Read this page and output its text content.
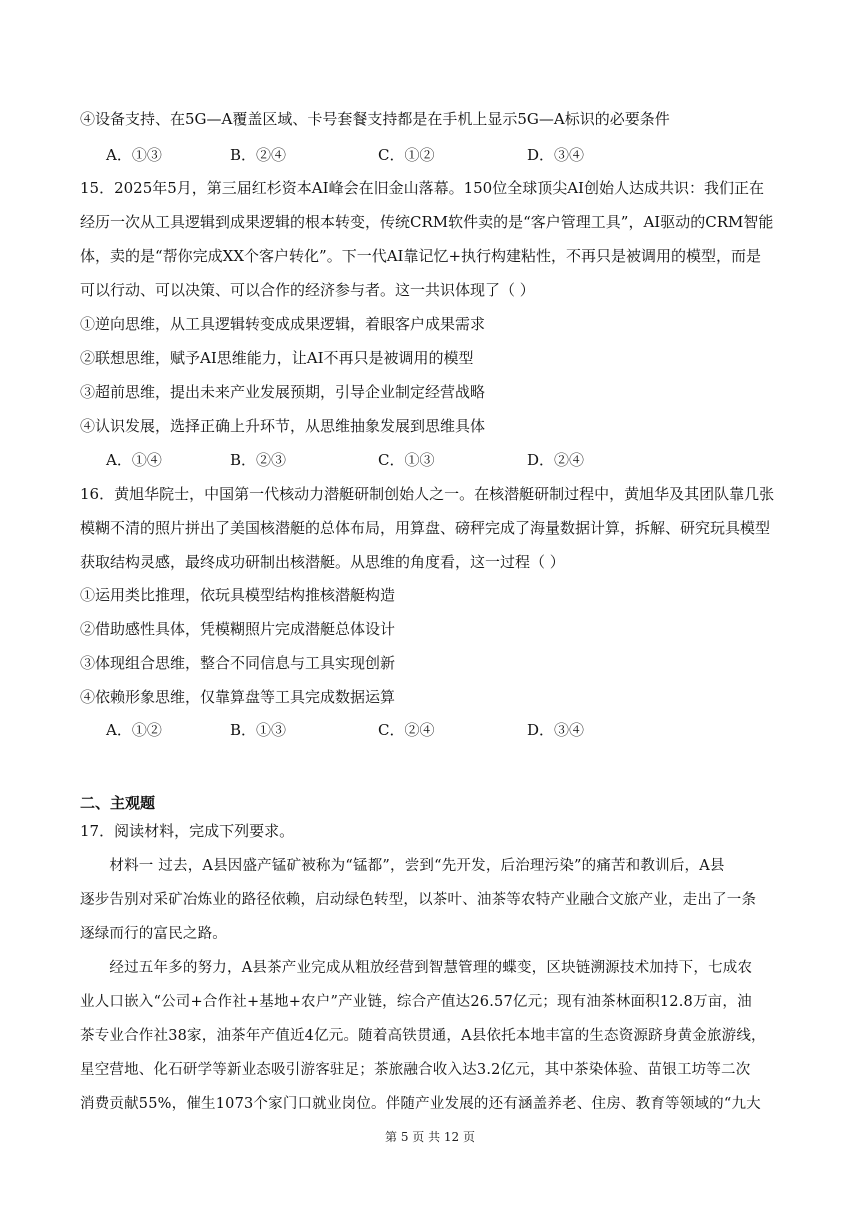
④设备支持、在5G—A覆盖区域、卡号套餐支持都是在手机上显示5G—A标识的必要条件
A．①③	B．②④	C．①②	D．③④
15．2025年5月，第三届红杉资本AI峰会在旧金山落幕。150位全球顶尖AI创始人达成共识：我们正在
经历一次从工具逻辑到成果逻辑的根本转变，传统CRM软件卖的是“客户管理工具”，AI驱动的CRM智能
体，卖的是“帮你完成XX个客户转化”。下一代AI靠记忆+执行构建粘性，不再只是被调用的模型，而是
可以行动、可以决策、可以合作的经济参与者。这一共识体现了（ ）
①逆向思维，从工具逻辑转变成成果逻辑，着眼客户成果需求
②联想思维，赋予AI思维能力，让AI不再只是被调用的模型
③超前思维，提出未来产业发展预期，引导企业制定经营战略
④认识发展，选择正确上升环节，从思维抽象发展到思维具体
A．①④	B．②③	C．①③	D．②④
16．黄旭华院士，中国第一代核动力潜艇研制创始人之一。在核潜艇研制过程中，黄旭华及其团队靠几张
模糊不清的照片拼出了美国核潜艇的总体布局，用算盘、磅秤完成了海量数据计算，拆解、研究玩具模型
获取结构灵感，最终成功研制出核潜艇。从思维的角度看，这一过程（ ）
①运用类比推理，依玩具模型结构推核潜艇构造
②借助感性具体，凭模糊照片完成潜艇总体设计
③体现组合思维，整合不同信息与工具实现创新
④依赖形象思维，仅靠算盘等工具完成数据运算
A．①②	B．①③	C．②④	D．③④
二、主观题
17．阅读材料，完成下列要求。
　　材料一 过去，A县因盛产锰矿被称为“锰都”，尝到“先开发，后治理污染”的痛苦和教训后，A县
逐步告别对采矿冶炼业的路径依赖，启动绿色转型，以茶叶、油茶等农特产业融合文旅产业，走出了一条
逐绿而行的富民之路。
　　经过五年多的努力，A县茶产业完成从粗放经营到智慧管理的蝶变，区块链溯源技术加持下，七成农
业人口嵌入“公司+合作社+基地+农户”产业链，综合产值达26.57亿元；现有油茶林面积12.8万亩，油
茶专业合作社38家，油茶年产值近4亿元。随着高铁贯通，A县依托本地丰富的生态资源跻身黄金旅游线，
星空营地、化石研学等新业态吸引游客驻足；茶旅融合收入达3.2亿元，其中茶染体验、苗银工坊等二次
消费贡献55%，催生1073个家门口就业岗位。伴随产业发展的还有涵盖养老、住房、教育等领域的“九大
第 5 页 共 12 页
